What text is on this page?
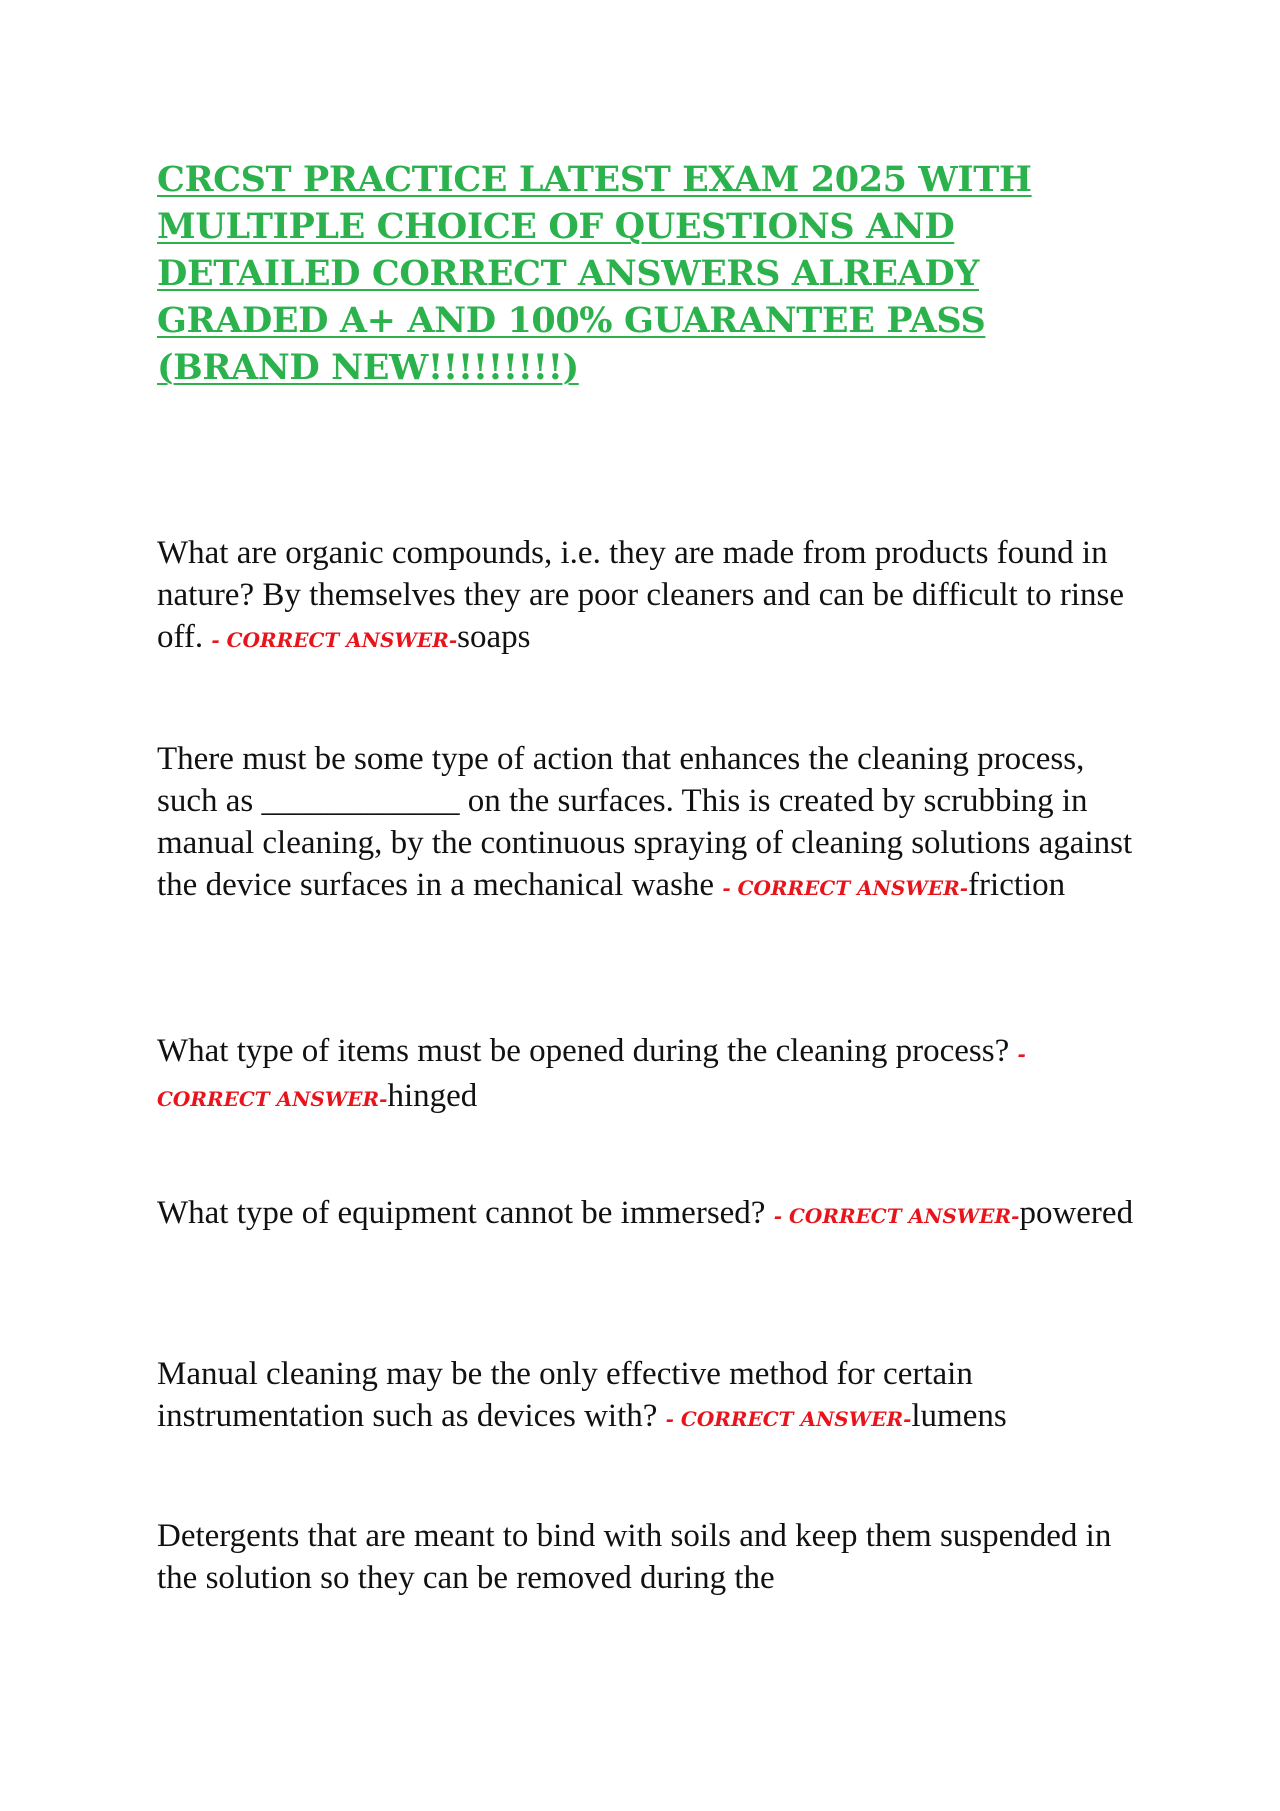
CRCST PRACTICE LATEST EXAM 2025 WITH MULTIPLE CHOICE OF QUESTIONS AND DETAILED CORRECT ANSWERS ALREADY GRADED A+ AND 100% GUARANTEE PASS (BRAND NEW!!!!!!!!!)

What are organic compounds, i.e. they are made from products found in nature? By themselves they are poor cleaners and can be difficult to rinse off. - CORRECT ANSWER-soaps

There must be some type of action that enhances the cleaning process, such as ____________ on the surfaces. This is created by scrubbing in manual cleaning, by the continuous spraying of cleaning solutions against the device surfaces in a mechanical washe - CORRECT ANSWER-friction

What type of items must be opened during the cleaning process? - CORRECT ANSWER-hinged

What type of equipment cannot be immersed? - CORRECT ANSWER-powered

Manual cleaning may be the only effective method for certain instrumentation such as devices with? - CORRECT ANSWER-lumens

Detergents that are meant to bind with soils and keep them suspended in the solution so they can be removed during the
